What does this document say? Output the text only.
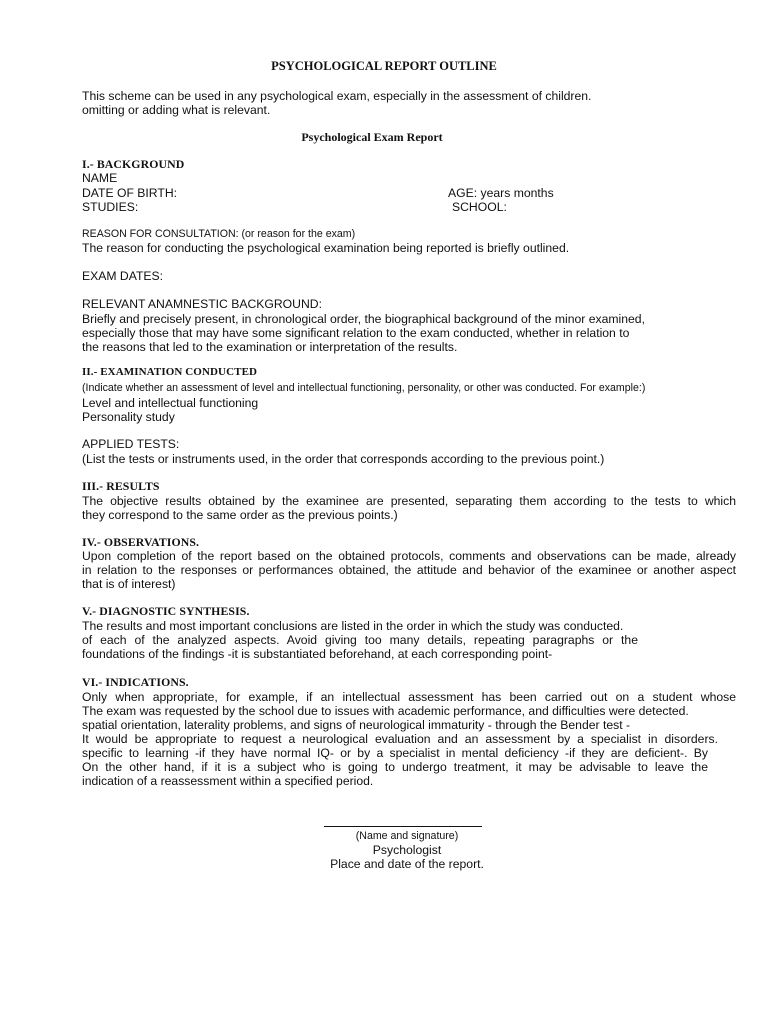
PSYCHOLOGICAL REPORT OUTLINE
This scheme can be used in any psychological exam, especially in the assessment of children.
omitting or adding what is relevant.
Psychological Exam Report
I.- BACKGROUND
NAME
DATE OF BIRTH:	AGE: years months
STUDIES:	SCHOOL:
REASON FOR CONSULTATION: (or reason for the exam)
The reason for conducting the psychological examination being reported is briefly outlined.
EXAM DATES:
RELEVANT ANAMNESTIC BACKGROUND:
Briefly and precisely present, in chronological order, the biographical background of the minor examined,
especially those that may have some significant relation to the exam conducted, whether in relation to
the reasons that led to the examination or interpretation of the results.
II.- EXAMINATION CONDUCTED
(Indicate whether an assessment of level and intellectual functioning, personality, or other was conducted. For example:)
Level and intellectual functioning
Personality study
APPLIED TESTS:
(List the tests or instruments used, in the order that corresponds according to the previous point.)
III.- RESULTS
The objective results obtained by the examinee are presented, separating them according to the tests to which
they correspond to the same order as the previous points.)
IV.- OBSERVATIONS.
Upon completion of the report based on the obtained protocols, comments and observations can be made, already
in relation to the responses or performances obtained, the attitude and behavior of the examinee or another aspect
that is of interest)
V.- DIAGNOSTIC SYNTHESIS.
The results and most important conclusions are listed in the order in which the study was conducted.
of each of the analyzed aspects. Avoid giving too many details, repeating paragraphs or the
foundations of the findings -it is substantiated beforehand, at each corresponding point-
VI.- INDICATIONS.
Only when appropriate, for example, if an intellectual assessment has been carried out on a student whose
The exam was requested by the school due to issues with academic performance, and difficulties were detected.
spatial orientation, laterality problems, and signs of neurological immaturity - through the Bender test -
It would be appropriate to request a neurological evaluation and an assessment by a specialist in disorders.
specific to learning -if they have normal IQ- or by a specialist in mental deficiency -if they are deficient-. By
On the other hand, if it is a subject who is going to undergo treatment, it may be advisable to leave the
indication of a reassessment within a specified period.
(Name and signature)
Psychologist
Place and date of the report.
